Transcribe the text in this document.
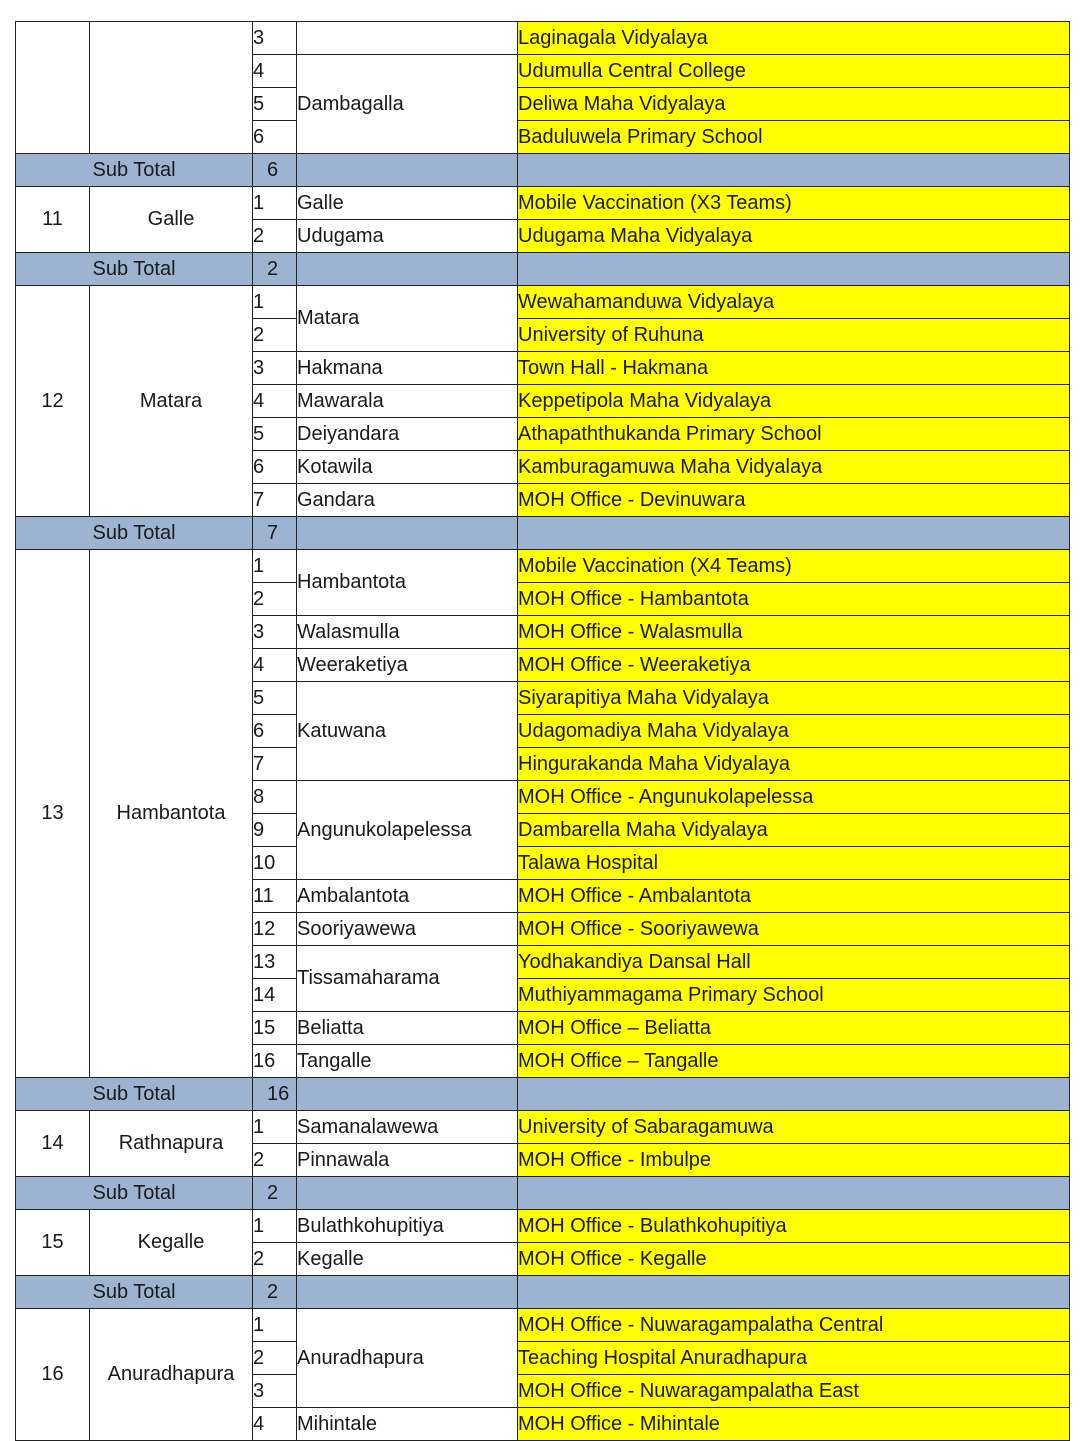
		3		Laginagala Vidyalaya
		4	Dambagalla	Udumulla Central College
		5		Deliwa Maha Vidyalaya
		6		Baduluwela Primary School
Sub Total		6		
11	Galle	1	Galle	Mobile Vaccination (X3 Teams)
		2	Udugama	Udugama Maha Vidyalaya
Sub Total		2		
12	Matara	1	Matara	Wewahamanduwa Vidyalaya
		2		University of Ruhuna
		3	Hakmana	Town Hall - Hakmana
		4	Mawarala	Keppetipola Maha Vidyalaya
		5	Deiyandara	Athapaththukanda Primary School
		6	Kotawila	Kamburagamuwa Maha Vidyalaya
		7	Gandara	MOH Office - Devinuwara
Sub Total		7		
13	Hambantota	1	Hambantota	Mobile Vaccination (X4 Teams)
		2		MOH Office - Hambantota
		3	Walasmulla	MOH Office - Walasmulla
		4	Weeraketiya	MOH Office - Weeraketiya
		5	Katuwana	Siyarapitiya Maha Vidyalaya
		6		Udagomadiya Maha Vidyalaya
		7		Hingurakanda Maha Vidyalaya
		8	Angunukolapelessa	MOH Office - Angunukolapelessa
		9		Dambarella Maha Vidyalaya
		10		Talawa Hospital
		11	Ambalantota	MOH Office - Ambalantota
		12	Sooriyawewa	MOH Office - Sooriyawewa
		13	Tissamaharama	Yodhakandiya Dansal Hall
		14		Muthiyammagama Primary School
		15	Beliatta	MOH Office – Beliatta
		16	Tangalle	MOH Office – Tangalle
Sub Total		16		
14	Rathnapura	1	Samanalawewa	University of Sabaragamuwa
		2	Pinnawala	MOH Office - Imbulpe
Sub Total		2		
15	Kegalle	1	Bulathkohupitiya	MOH Office - Bulathkohupitiya
		2	Kegalle	MOH Office - Kegalle
Sub Total		2		
16	Anuradhapura	1	Anuradhapura	MOH Office - Nuwaragampalatha Central
		2		Teaching Hospital Anuradhapura
		3		MOH Office - Nuwaragampalatha East
		4	Mihintale	MOH Office - Mihintale
